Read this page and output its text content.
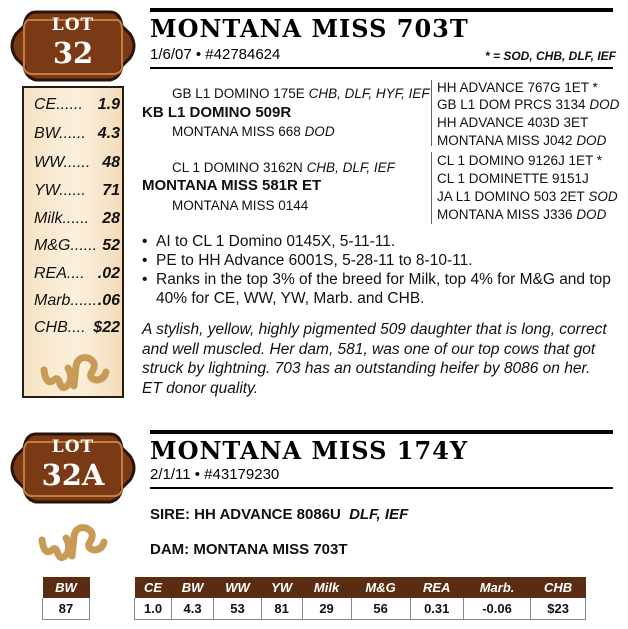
LOT
32
CE...... 1.9
BW...... 4.3
WW...... 48
YW...... 71
Milk...... 28
M&G...... 52
REA.... .02
Marb...... .06
CHB.... $22
MONTANA MISS 703T
1/6/07 • #42784624	* = SOD, CHB, DLF, IEF
GB L1 DOMINO 175E CHB, DLF, HYF, IEF
KB L1 DOMINO 509R
MONTANA MISS 668 DOD
CL 1 DOMINO 3162N CHB, DLF, IEF
MONTANA MISS 581R ET
MONTANA MISS 0144
HH ADVANCE 767G 1ET *
GB L1 DOM PRCS 3134 DOD
HH ADVANCE 403D 3ET
MONTANA MISS J042 DOD
CL 1 DOMINO 9126J 1ET *
CL 1 DOMINETTE 9151J
JA L1 DOMINO 503 2ET SOD
MONTANA MISS J336 DOD
• AI to CL 1 Domino 0145X, 5-11-11.
• PE to HH Advance 6001S, 5-28-11 to 8-10-11.
• Ranks in the top 3% of the breed for Milk, top 4% for M&G and top 40% for CE, WW, YW, Marb. and CHB.
A stylish, yellow, highly pigmented 509 daughter that is long, correct and well muscled. Her dam, 581, was one of our top cows that got struck by lightning. 703 has an outstanding heifer by 8086 on her. ET donor quality.
LOT
32A
MONTANA MISS 174Y
2/1/11 • #43179230
SIRE: HH ADVANCE 8086U DLF, IEF
DAM: MONTANA MISS 703T
BW
87
CE	BW	WW	YW	Milk	M&G	REA	Marb.	CHB
1.0	4.3	53	81	29	56	0.31	-0.06	$23
